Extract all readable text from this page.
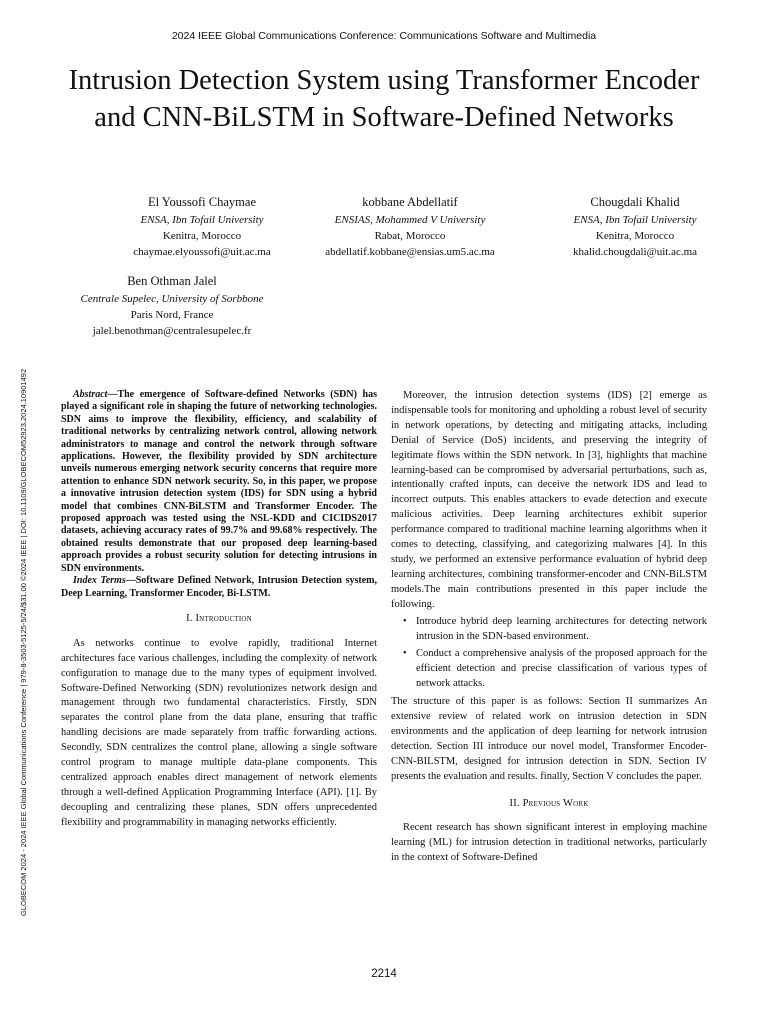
2024 IEEE Global Communications Conference: Communications Software and Multimedia
Intrusion Detection System using Transformer Encoder and CNN-BiLSTM in Software-Defined Networks
El Youssofi Chaymae
ENSA, Ibn Tofail University
Kenitra, Morocco
chaymae.elyoussofi@uit.ac.ma
kobbane Abdellatif
ENSIAS, Mohammed V University
Rabat, Morocco
abdellatif.kobbane@ensias.um5.ac.ma
Chougdali Khalid
ENSA, Ibn Tofail University
Kenitra, Morocco
khalid.chougdali@uit.ac.ma
Ben Othman Jalel
Centrale Supelec, University of Sorbbone
Paris Nord, France
jalel.benothman@centralesupelec.fr
GLOBECOM 2024 - 2024 IEEE Global Communications Conference | 979-8-3503-5125-5/24/$31.00 ©2024 IEEE | DOI: 10.1109/GLOBECOM52923.2024.10901492	Abstract—The emergence of Software-defined Networks (SDN) has played a significant role in shaping the future of networking technologies. SDN aims to improve the flexibility, efficiency, and scalability of traditional networks by centralizing network control, allowing network administrators to manage and control the network through software applications. However, the flexibility provided by SDN architecture unveils numerous emerging network security concerns that require more attention to enhance SDN network security. So, in this paper, we propose a innovative intrusion detection system (IDS) for SDN using a hybrid model that combines CNN-BiLSTM and Transformer Encoder. The proposed approach was tested using the NSL-KDD and CICIDS2017 datasets, achieving accuracy rates of 99.7% and 99.68% respectively. The obtained results demonstrate that our proposed deep learning-based approach provides a robust security solution for detecting intrusions in SDN environments.

Index Terms—Software Defined Network, Intrusion Detection system, Deep Learning, Transformer Encoder, Bi-LSTM.

I. Introduction

As networks continue to evolve rapidly, traditional Internet architectures face various challenges, including the complexity of network configuration to manage due to the many types of equipment involved. Software-Defined Networking (SDN) revolutionizes network design and management through two fundamental characteristics. Firstly, SDN separates the control plane from the data plane, ensuring that traffic handling decisions are made separately from traffic forwarding actions. Secondly, SDN centralizes the control plane, allowing a single software control program to manage multiple data-plane components. This centralized approach enables direct management of network elements through a well-defined Application Programming Interface (API). [1]. By decoupling and centralizing these planes, SDN offers unprecedented flexibility and programmability in managing networks efficiently.

Moreover, the intrusion detection systems (IDS) [2] emerge as indispensable tools for monitoring and upholding a robust level of security in network operations, by detecting and mitigating attacks, including Denial of Service (DoS) incidents, and preserving the integrity of legitimate flows within the SDN network. In [3], highlights that machine learning-based can be compromised by adversarial perturbations, such as, intentionally crafted inputs, can deceive the network IDS and lead to incorrect outputs. This enables attackers to evade detection and execute malicious activities. Deep learning architectures exhibit superior performance compared to traditional machine learning algorithms when it comes to detecting, classifying, and categorizing malwares [4]. In this study, we performed an extensive performance evaluation of hybrid deep learning architectures, combining transformer-encoder and CNN-BiLSTM models.The main contributions presented in this paper include the following.

• Introduce hybrid deep learning architectures for detecting network intrusion in the SDN-based environment.
• Conduct a comprehensive analysis of the proposed approach for the efficient detection and precise classification of various types of network attacks.

The structure of this paper is as follows: Section II summarizes An extensive review of related work on intrusion detection in SDN environments and the application of deep learning for network intrusion detection. Section III introduce our novel model, Transformer Encoder-CNN-BILSTM, designed for intrusion detection in SDN. Section IV presents the evaluation and results. finally, Section V concludes the paper.

II. Previous Work

Recent research has shown significant interest in employing machine learning (ML) for intrusion detection in traditional networks, particularly in the context of Software-Defined

2214
